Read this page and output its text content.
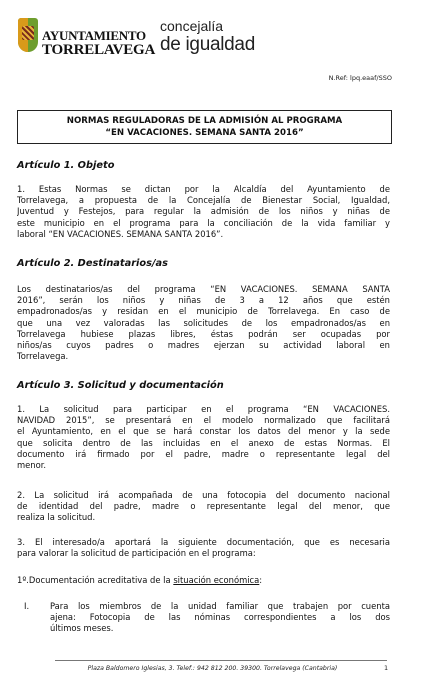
AYUNTAMIENTO
TORRELAVEGA
concejalía
de igualdad
N.Ref: lpq.eaaf/SSO
NORMAS REGULADORAS DE LA ADMISIÓN AL PROGRAMA
“EN VACACIONES. SEMANA SANTA 2016”
Artículo 1. Objeto
1. Estas Normas se dictan por la Alcaldía del Ayuntamiento de
Torrelavega, a propuesta de la Concejalía de Bienestar Social, Igualdad,
Juventud y Festejos, para regular la admisión de los niños y niñas de
este municipio en el programa para la conciliación de la vida familiar y
laboral “EN VACACIONES. SEMANA SANTA 2016”.
Artículo 2. Destinatarios/as
Los destinatarios/as del programa “EN VACACIONES. SEMANA SANTA
2016”, serán los niños y niñas de 3 a 12 años que estén
empadronados/as y residan en el municipio de Torrelavega. En caso de
que una vez valoradas las solicitudes de los empadronados/as en
Torrelavega hubiese plazas libres, éstas podrán ser ocupadas por
niños/as cuyos padres o madres ejerzan su actividad laboral en
Torrelavega.
Artículo 3. Solicitud y documentación
1. La solicitud para participar en el programa “EN VACACIONES.
NAVIDAD 2015”, se presentará en el modelo normalizado que facilitará
el Ayuntamiento, en el que se hará constar los datos del menor y la sede
que solicita dentro de las incluidas en el anexo de estas Normas. El
documento irá firmado por el padre, madre o representante legal del
menor.
2. La solicitud irá acompañada de una fotocopia del documento nacional
de identidad del padre, madre o representante legal del menor, que
realiza la solicitud.
3. El interesado/a aportará la siguiente documentación, que es necesaria
para valorar la solicitud de participación en el programa:
1º.Documentación acreditativa de la situación económica:
I. Para los miembros de la unidad familiar que trabajen por cuenta
ajena: Fotocopia de las nóminas correspondientes a los dos
últimos meses.
Plaza Baldomero Iglesias, 3. Telef.: 942 812 200. 39300. Torrelavega (Cantabria)	1
